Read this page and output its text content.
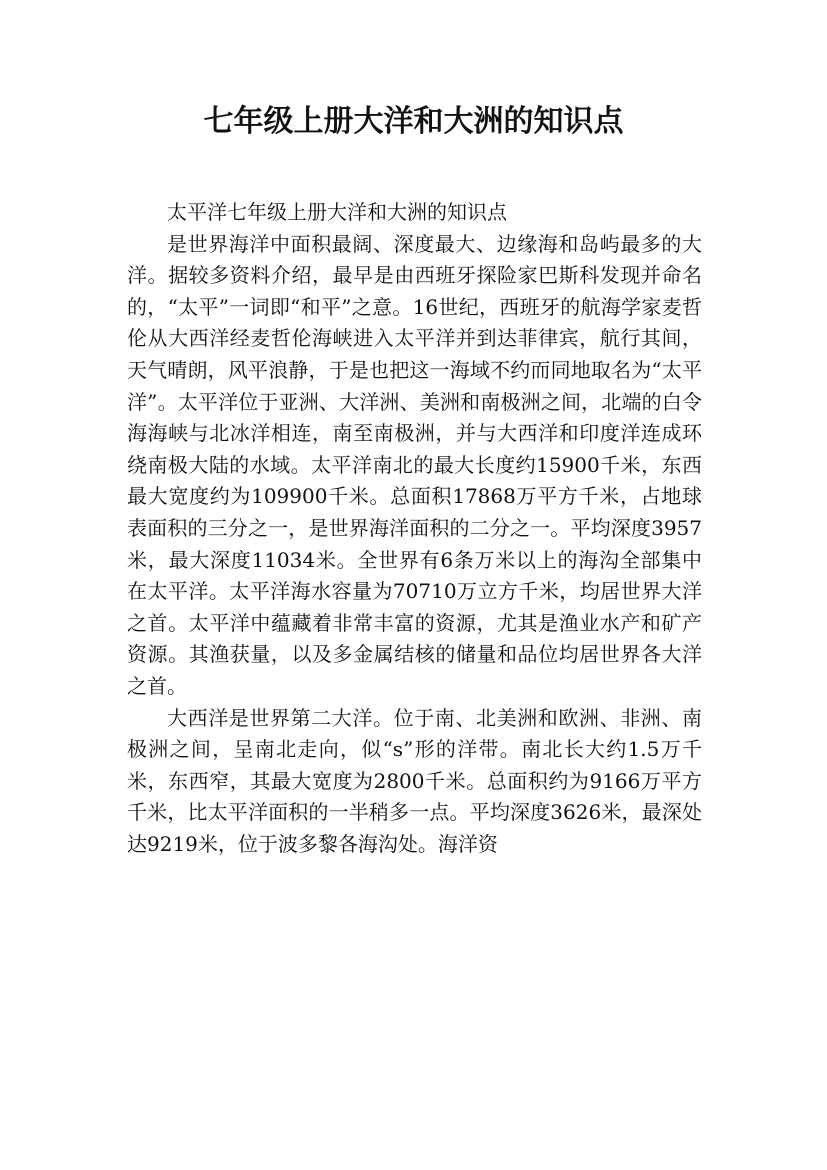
七年级上册大洋和大洲的知识点

太平洋七年级上册大洋和大洲的知识点

是世界海洋中面积最阔、深度最大、边缘海和岛屿最多的大洋。据较多资料介绍，最早是由西班牙探险家巴斯科发现并命名的，“太平”一词即“和平”之意。16世纪，西班牙的航海学家麦哲伦从大西洋经麦哲伦海峡进入太平洋并到达菲律宾，航行其间，天气晴朗，风平浪静，于是也把这一海域不约而同地取名为“太平洋”。太平洋位于亚洲、大洋洲、美洲和南极洲之间，北端的白令海海峡与北冰洋相连，南至南极洲，并与大西洋和印度洋连成环绕南极大陆的水域。太平洋南北的最大长度约15900千米，东西最大宽度约为109900千米。总面积17868万平方千米，占地球表面积的三分之一，是世界海洋面积的二分之一。平均深度3957米，最大深度11034米。全世界有6条万米以上的海沟全部集中在太平洋。太平洋海水容量为70710万立方千米，均居世界大洋之首。太平洋中蕴藏着非常丰富的资源，尤其是渔业水产和矿产资源。其渔获量，以及多金属结核的储量和品位均居世界各大洋之首。

大西洋是世界第二大洋。位于南、北美洲和欧洲、非洲、南极洲之间，呈南北走向，似“s”形的洋带。南北长大约1.5万千米，东西窄，其最大宽度为2800千米。总面积约为9166万平方千米，比太平洋面积的一半稍多一点。平均深度3626米，最深处达9219米，位于波多黎各海沟处。海洋资
